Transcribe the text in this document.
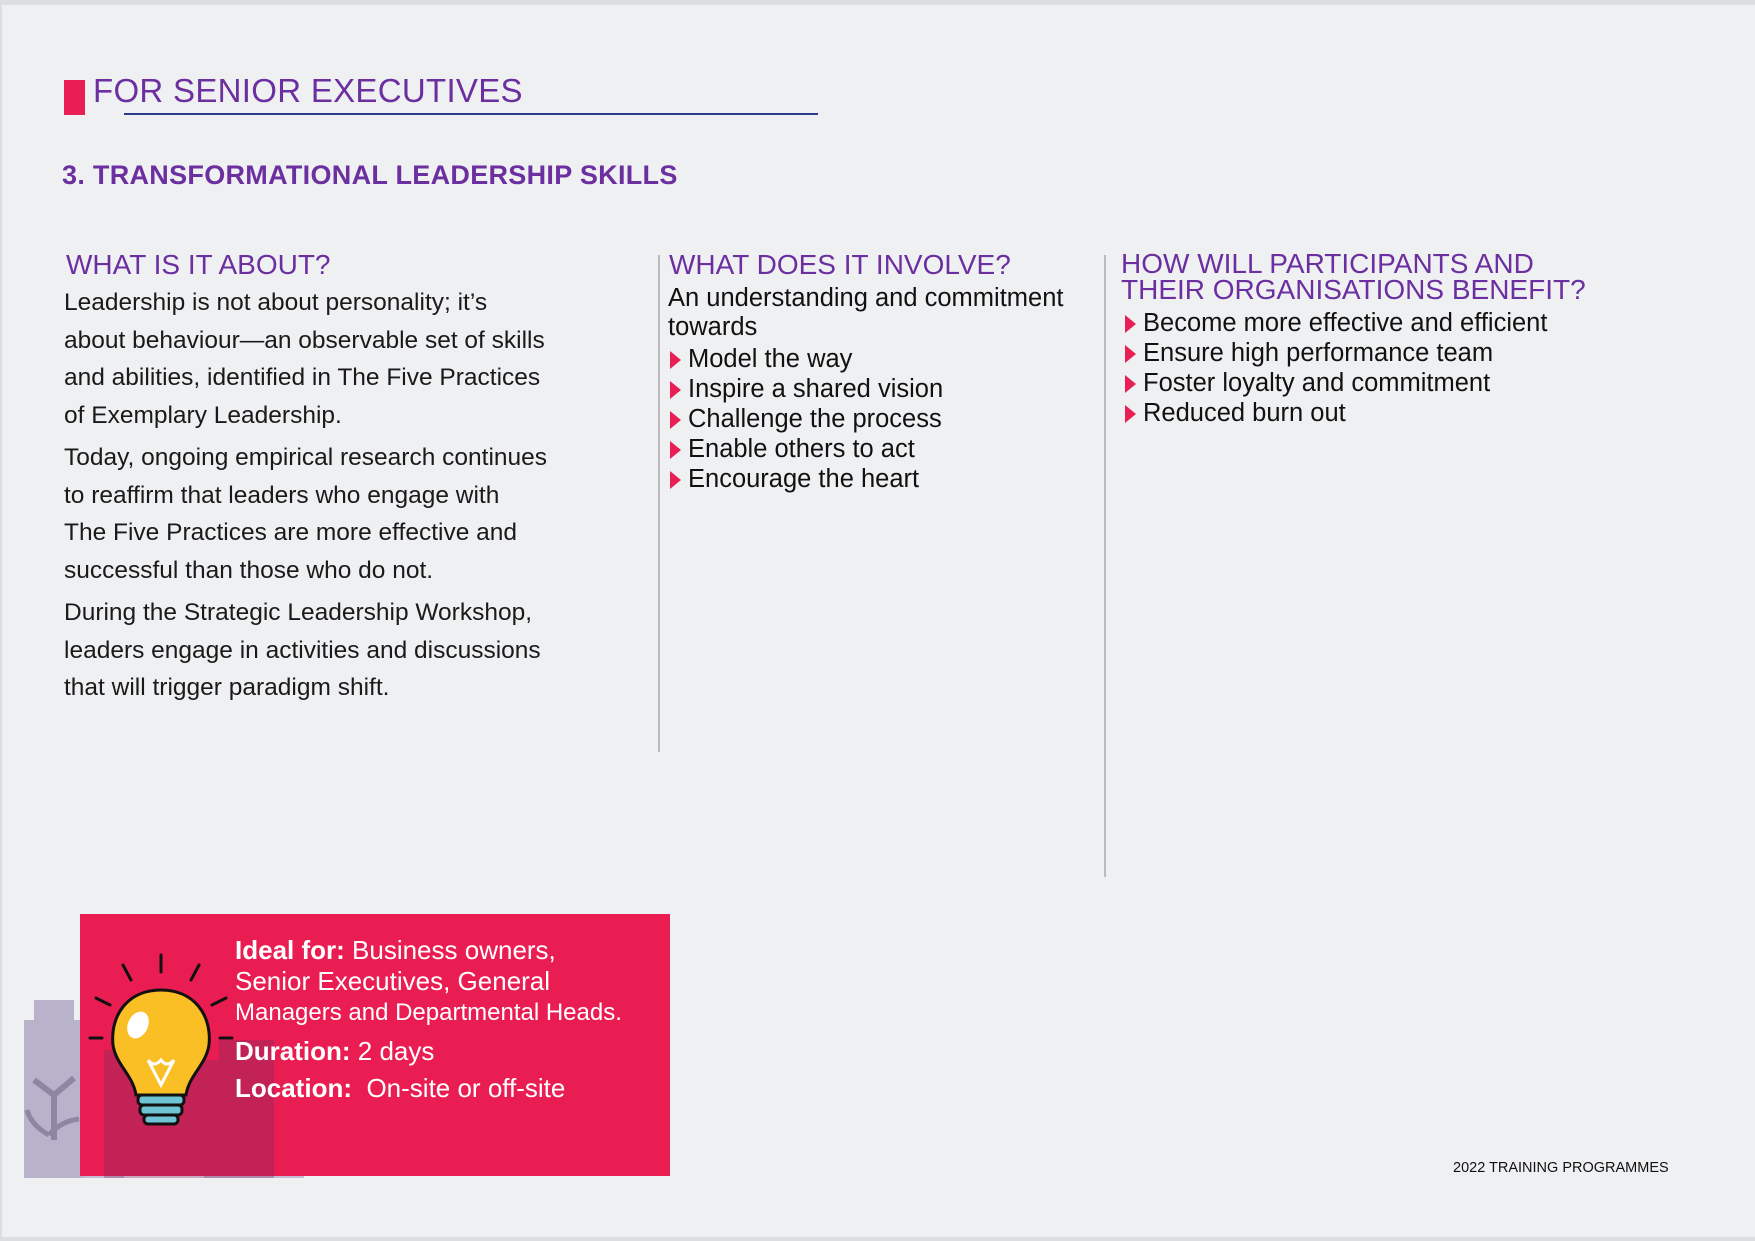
FOR SENIOR EXECUTIVES
3. TRANSFORMATIONAL LEADERSHIP SKILLS
WHAT IS IT ABOUT?

Leadership is not about personality; it’s
about behaviour—an observable set of skills
and abilities, identified in The Five Practices
of Exemplary Leadership.

Today, ongoing empirical research continues
to reaffirm that leaders who engage with
The Five Practices are more effective and
successful than those who do not.

During the Strategic Leadership Workshop,
leaders engage in activities and discussions
that will trigger paradigm shift.

WHAT DOES IT INVOLVE?
An understanding and commitment
towards
Model the way
Inspire a shared vision
Challenge the process
Enable others to act
Encourage the heart
HOW WILL PARTICIPANTS AND
THEIR ORGANISATIONS BENEFIT?
Become more effective and efficient
Ensure high performance team
Foster loyalty and commitment
Reduced burn out
Ideal for: Business owners,
Senior Executives, General
Managers and Departmental Heads.
Duration: 2 days
Location:  On-site or off-site
2022 TRAINING PROGRAMMES
